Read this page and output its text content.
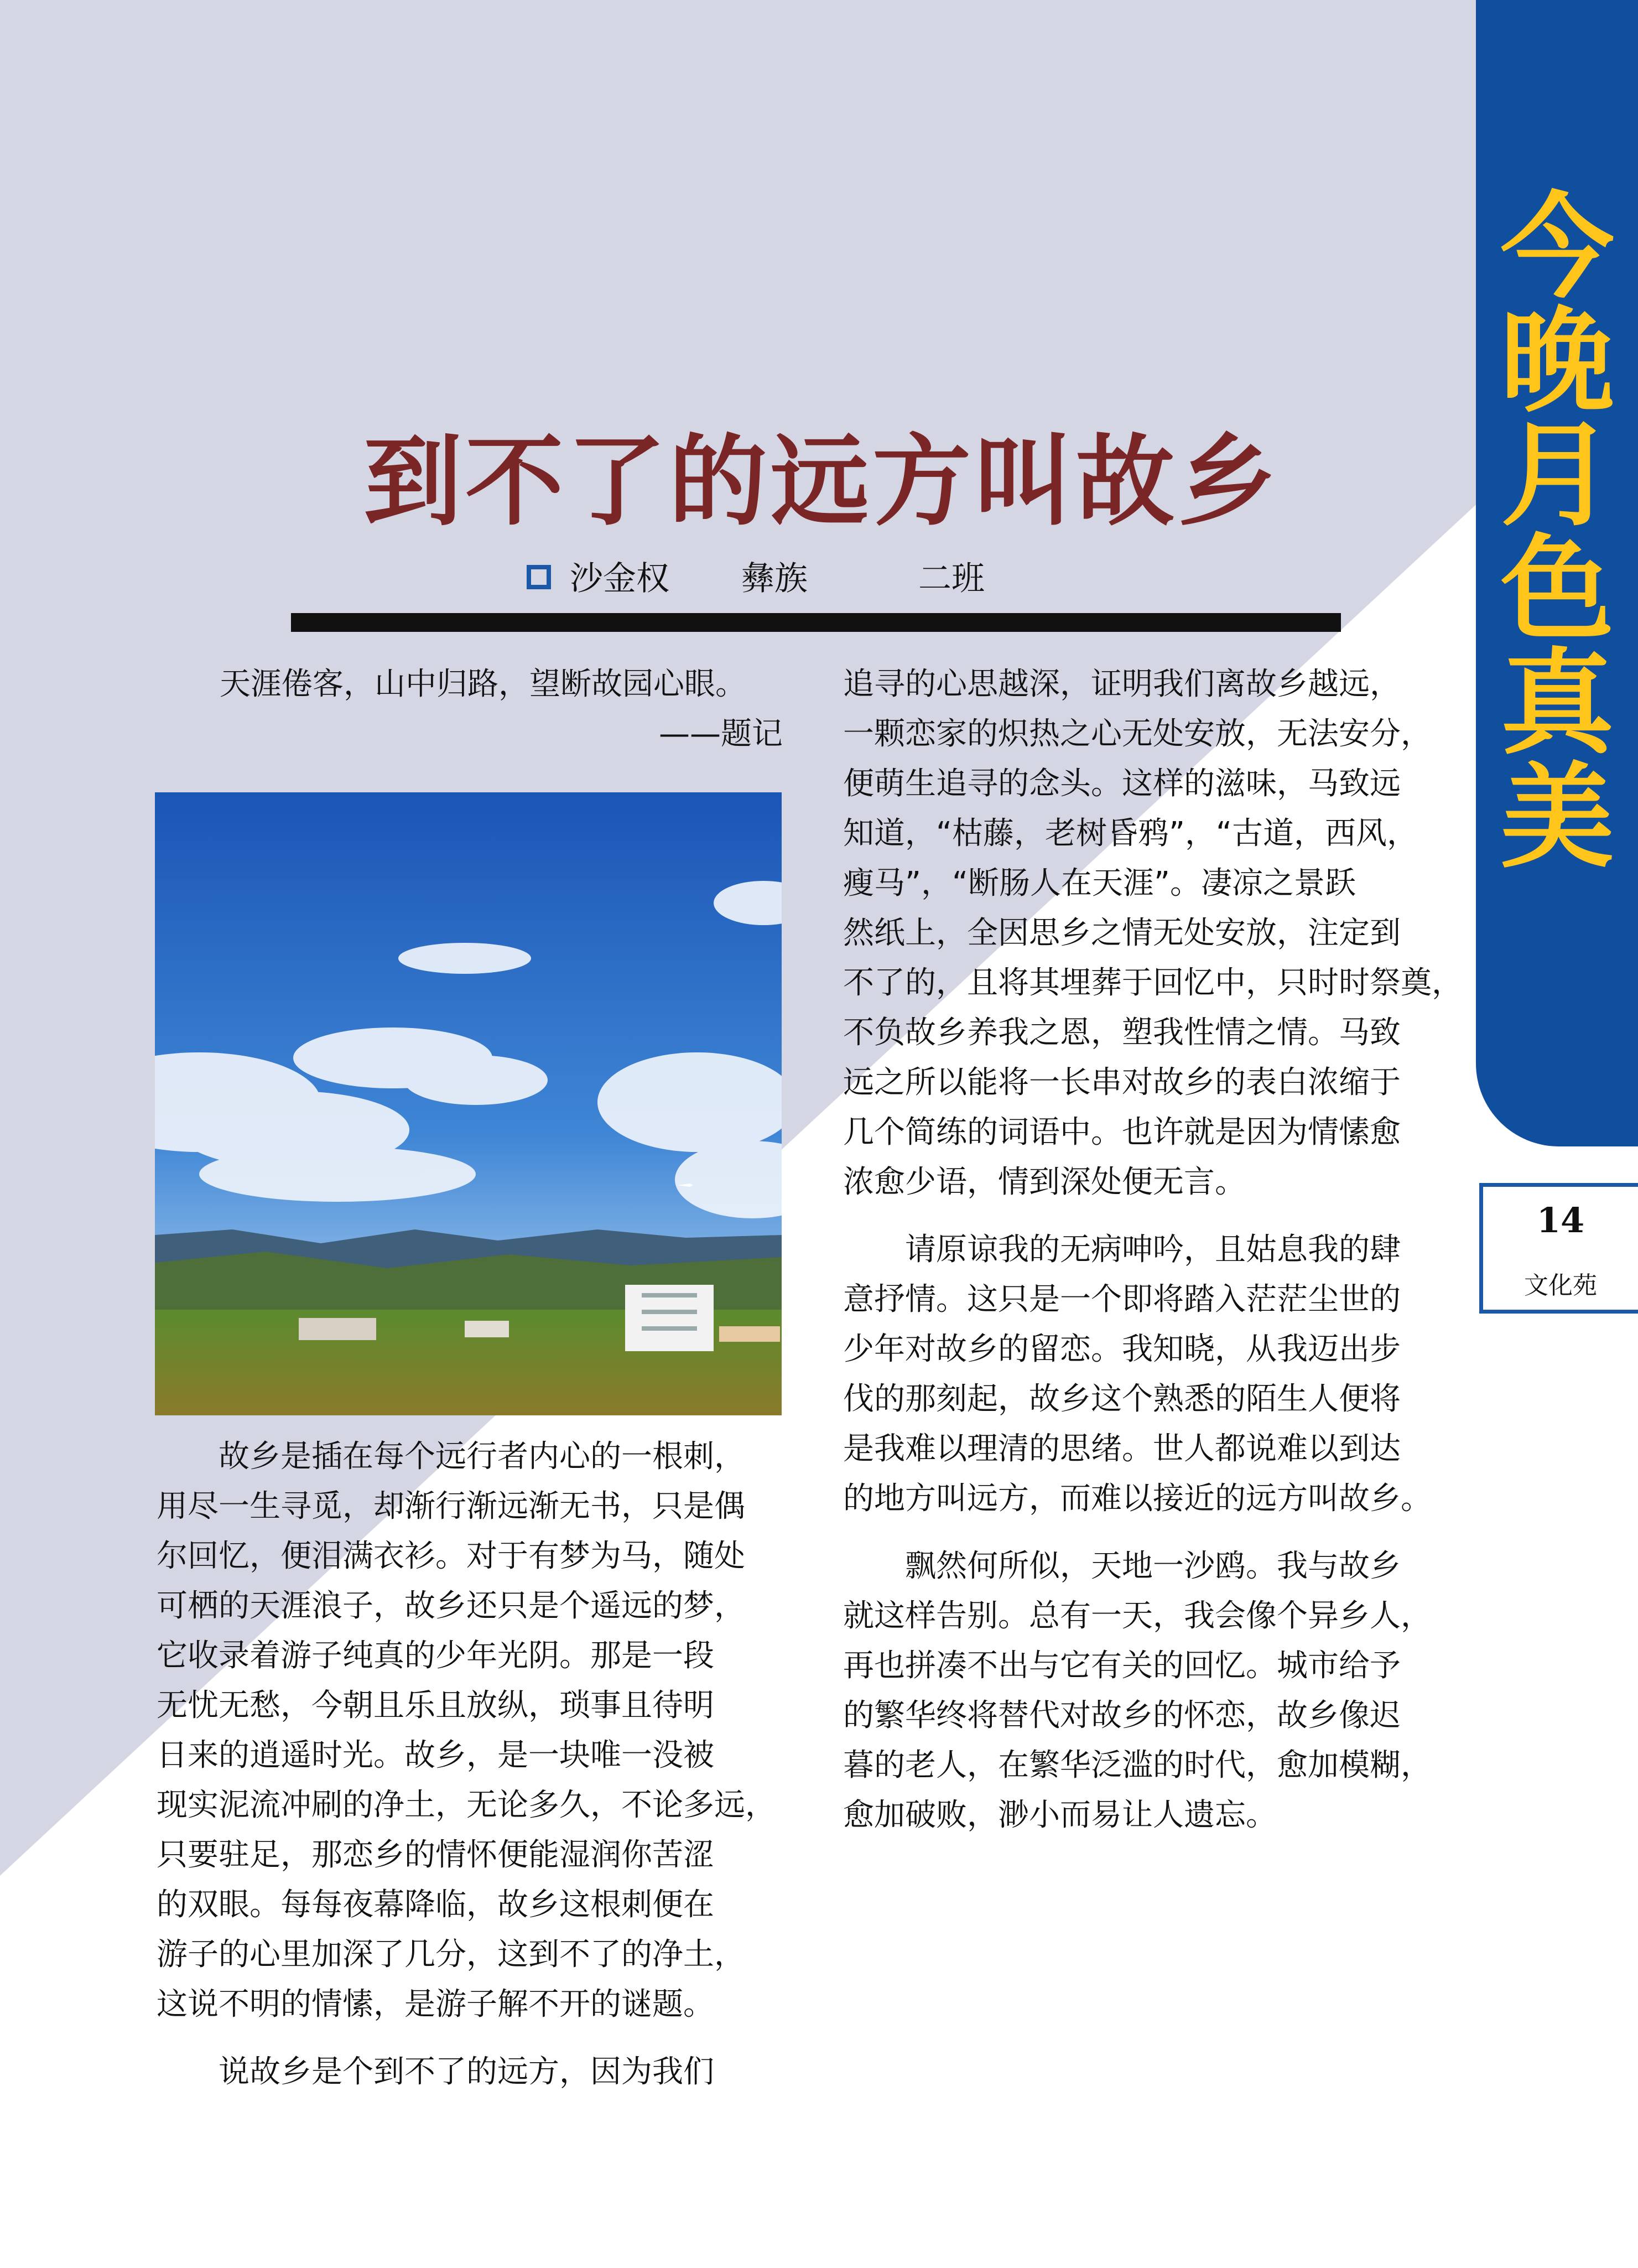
今
晚
月
色
真
美
14
文化苑
到不了的远方叫故乡
沙金权 彝族	二班
天涯倦客，山中归路，望断故园心眼。
——题记

故乡是插在每个远行者内心的一根刺，

用尽一生寻觅，却渐行渐远渐无书，只是偶

尔回忆，便泪满衣衫。对于有梦为马，随处

可栖的天涯浪子，故乡还只是个遥远的梦，

它收录着游子纯真的少年光阴。那是一段

无忧无愁，今朝且乐且放纵，琐事且待明

日来的逍遥时光。故乡，是一块唯一没被

现实泥流冲刷的净土，无论多久，不论多远，

只要驻足，那恋乡的情怀便能湿润你苦涩

的双眼。每每夜幕降临，故乡这根刺便在

游子的心里加深了几分，这到不了的净土，

这说不明的情愫，是游子解不开的谜题。

说故乡是个到不了的远方，因为我们

追寻的心思越深，证明我们离故乡越远，

一颗恋家的炽热之心无处安放，无法安分，

便萌生追寻的念头。这样的滋味，马致远

知道，“枯藤，老树昏鸦”，“古道，西风，

瘦马”，“断肠人在天涯”。凄凉之景跃

然纸上，全因思乡之情无处安放，注定到

不了的，且将其埋葬于回忆中，只时时祭奠，

不负故乡养我之恩，塑我性情之情。马致

远之所以能将一长串对故乡的表白浓缩于

几个简练的词语中。也许就是因为情愫愈

浓愈少语，情到深处便无言。

请原谅我的无病呻吟，且姑息我的肆

意抒情。这只是一个即将踏入茫茫尘世的

少年对故乡的留恋。我知晓，从我迈出步

伐的那刻起，故乡这个熟悉的陌生人便将

是我难以理清的思绪。世人都说难以到达

的地方叫远方，而难以接近的远方叫故乡。

飘然何所似，天地一沙鸥。我与故乡

就这样告别。总有一天，我会像个异乡人，

再也拼凑不出与它有关的回忆。城市给予

的繁华终将替代对故乡的怀恋，故乡像迟

暮的老人，在繁华泛滥的时代，愈加模糊，

愈加破败，渺小而易让人遗忘。
